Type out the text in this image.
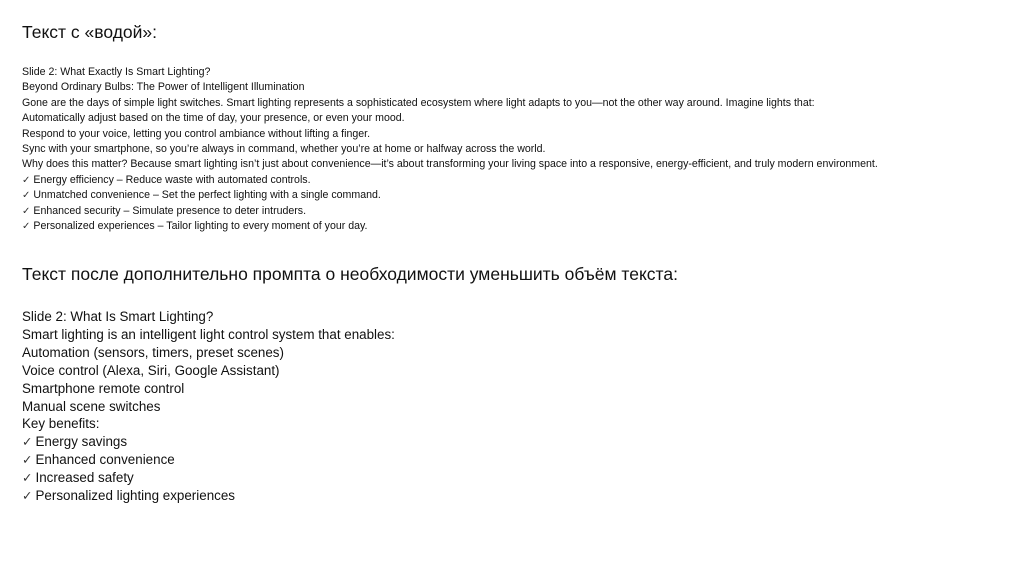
Текст с «водой»:
Slide 2: What Exactly Is Smart Lighting?
Beyond Ordinary Bulbs: The Power of Intelligent Illumination
Gone are the days of simple light switches. Smart lighting represents a sophisticated ecosystem where light adapts to you—not the other way around. Imagine lights that:
Automatically adjust based on the time of day, your presence, or even your mood.
Respond to your voice, letting you control ambiance without lifting a finger.
Sync with your smartphone, so you’re always in command, whether you’re at home or halfway across the world.
Why does this matter? Because smart lighting isn’t just about convenience—it’s about transforming your living space into a responsive, energy-efficient, and truly modern environment.
✓ Energy efficiency – Reduce waste with automated controls.
✓ Unmatched convenience – Set the perfect lighting with a single command.
✓ Enhanced security – Simulate presence to deter intruders.
✓ Personalized experiences – Tailor lighting to every moment of your day.
Текст после дополнительно промпта о необходимости уменьшить объём текста:
Slide 2: What Is Smart Lighting?
Smart lighting is an intelligent light control system that enables:
Automation (sensors, timers, preset scenes)
Voice control (Alexa, Siri, Google Assistant)
Smartphone remote control
Manual scene switches
Key benefits:
✓ Energy savings
✓ Enhanced convenience
✓ Increased safety
✓ Personalized lighting experiences
